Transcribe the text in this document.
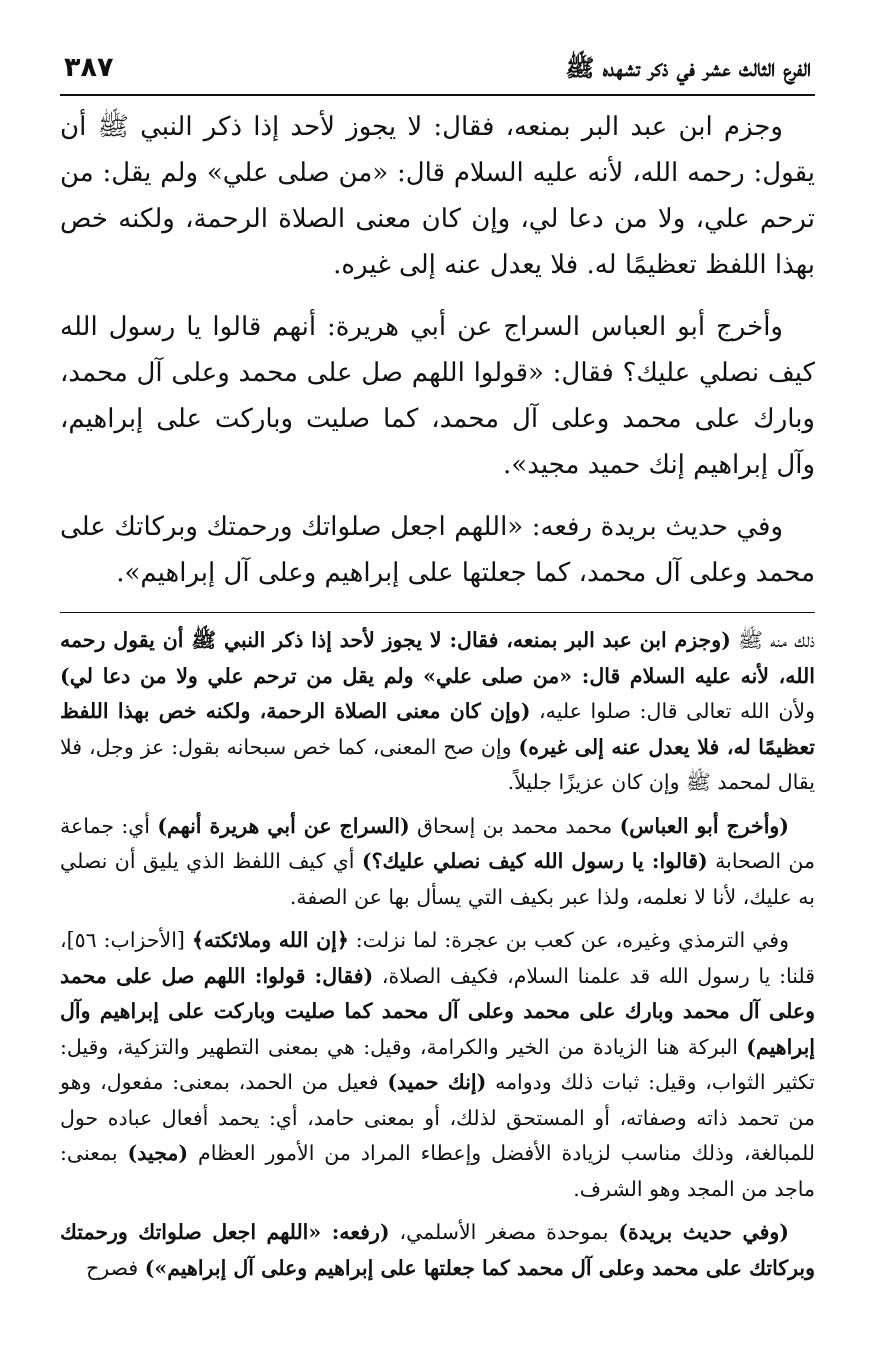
الفرع الثالث عشر في ذكر تشهده ﷺ
٣٨٧

وجزم ابن عبد البر بمنعه، فقال: لا يجوز لأحد إذا ذكر النبي ﷺ أن يقول: رحمه الله، لأنه عليه السلام قال: «من صلى علي» ولم يقل: من ترحم علي، ولا من دعا لي، وإن كان معنى الصلاة الرحمة، ولكنه خص بهذا اللفظ تعظيمًا له. فلا يعدل عنه إلى غيره.

وأخرج أبو العباس السراج عن أبي هريرة: أنهم قالوا يا رسول الله كيف نصلي عليك؟ فقال: «قولوا اللهم صل على محمد وعلى آل محمد، وبارك على محمد وعلى آل محمد، كما صليت وباركت على إبراهيم، وآل إبراهيم إنك حميد مجيد».

وفي حديث بريدة رفعه: «اللهم اجعل صلواتك ورحمتك وبركاتك على محمد وعلى آل محمد، كما جعلتها على إبراهيم وعلى آل إبراهيم».

ذلك منه ﷺ (وجزم ابن عبد البر بمنعه، فقال: لا يجوز لأحد إذا ذكر النبي ﷺ أن يقول رحمه الله، لأنه عليه السلام قال: «من صلى علي» ولم يقل من ترحم علي ولا من دعا لي) ولأن الله تعالى قال: صلوا عليه، (وإن كان معنى الصلاة الرحمة، ولكنه خص بهذا اللفظ تعظيمًا له، فلا يعدل عنه إلى غيره) وإن صح المعنى، كما خص سبحانه بقول: عز وجل، فلا يقال لمحمد ﷺ وإن كان عزيزًا جليلاً.

(وأخرج أبو العباس) محمد محمد بن إسحاق (السراج عن أبي هريرة أنهم) أي: جماعة من الصحابة (قالوا: يا رسول الله كيف نصلي عليك؟) أي كيف اللفظ الذي يليق أن نصلي به عليك، لأنا لا نعلمه، ولذا عبر بكيف التي يسأل بها عن الصفة.

وفي الترمذي وغيره، عن كعب بن عجرة: لما نزلت: ﴿إن الله وملائكته﴾ [الأحزاب: ٥٦]، قلنا: يا رسول الله قد علمنا السلام، فكيف الصلاة، (فقال: قولوا: اللهم صل على محمد وعلى آل محمد وبارك على محمد وعلى آل محمد كما صليت وباركت على إبراهيم وآل إبراهيم) البركة هنا الزيادة من الخير والكرامة، وقيل: هي بمعنى التطهير والتزكية، وقيل: تكثير الثواب، وقيل: ثبات ذلك ودوامه (إنك حميد) فعيل من الحمد، بمعنى: مفعول، وهو من تحمد ذاته وصفاته، أو المستحق لذلك، أو بمعنى حامد، أي: يحمد أفعال عباده حول للمبالغة، وذلك مناسب لزيادة الأفضل وإعطاء المراد من الأمور العظام (مجيد) بمعنى: ماجد من المجد وهو الشرف.

(وفي حديث بريدة) بموحدة مصغر الأسلمي، (رفعه: «اللهم اجعل صلواتك ورحمتك وبركاتك على محمد وعلى آل محمد كما جعلتها على إبراهيم وعلى آل إبراهيم») فصرح
